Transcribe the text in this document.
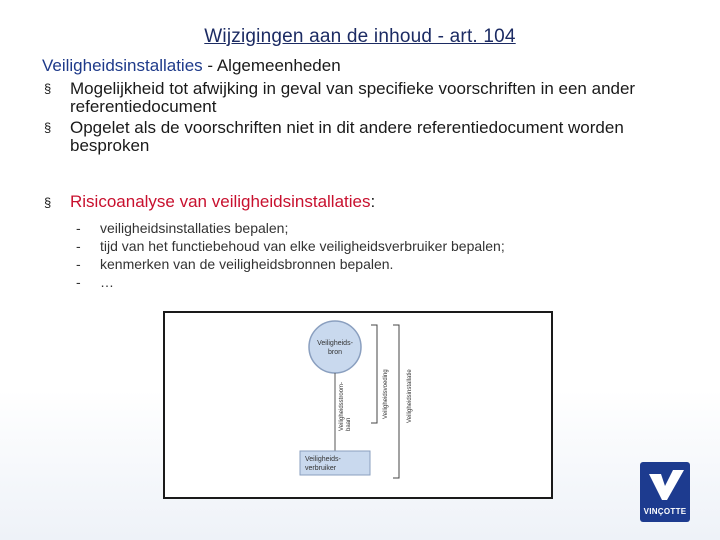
Wijzigingen aan de inhoud - art. 104
Veiligheidsinstallaties - Algemeenheden
§ Mogelijkheid tot afwijking in geval van specifieke voorschriften in een ander referentiedocument
§ Opgelet als de voorschriften niet in dit andere referentiedocument worden besproken
§ Risicoanalyse van veiligheidsinstallaties:
- veiligheidsinstallaties bepalen;
- tijd van het functiebehoud van elke veiligheidsverbruiker bepalen;
- kenmerken van de veiligheidsbronnen bepalen.
- …
Veiligheids-
bron
Veiligheids-
verbruiker
Veiligheidsstroom- baan
Veiligheidsvoeding	Veiligheidsinstallatie
VINÇOTTE
